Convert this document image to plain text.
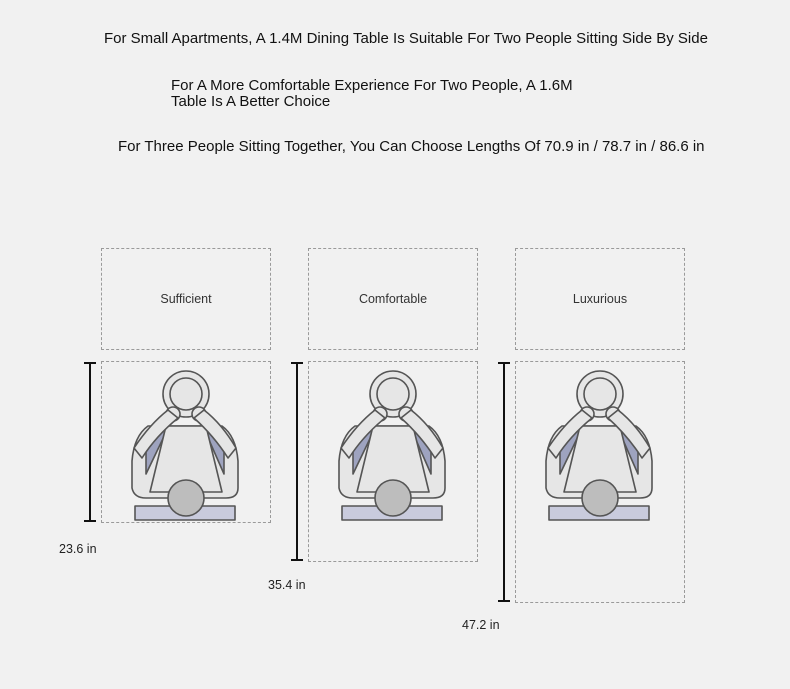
For Small Apartments, A 1.4M Dining Table Is Suitable For Two People Sitting Side By Side
For A More Comfortable Experience For Two People, A 1.6M
Table Is A Better Choice
For Three People Sitting Together, You Can Choose Lengths Of 70.9 in / 78.7 in / 86.6 in
Sufficient
23.6 in
Comfortable
35.4 in
Luxurious
47.2 in
